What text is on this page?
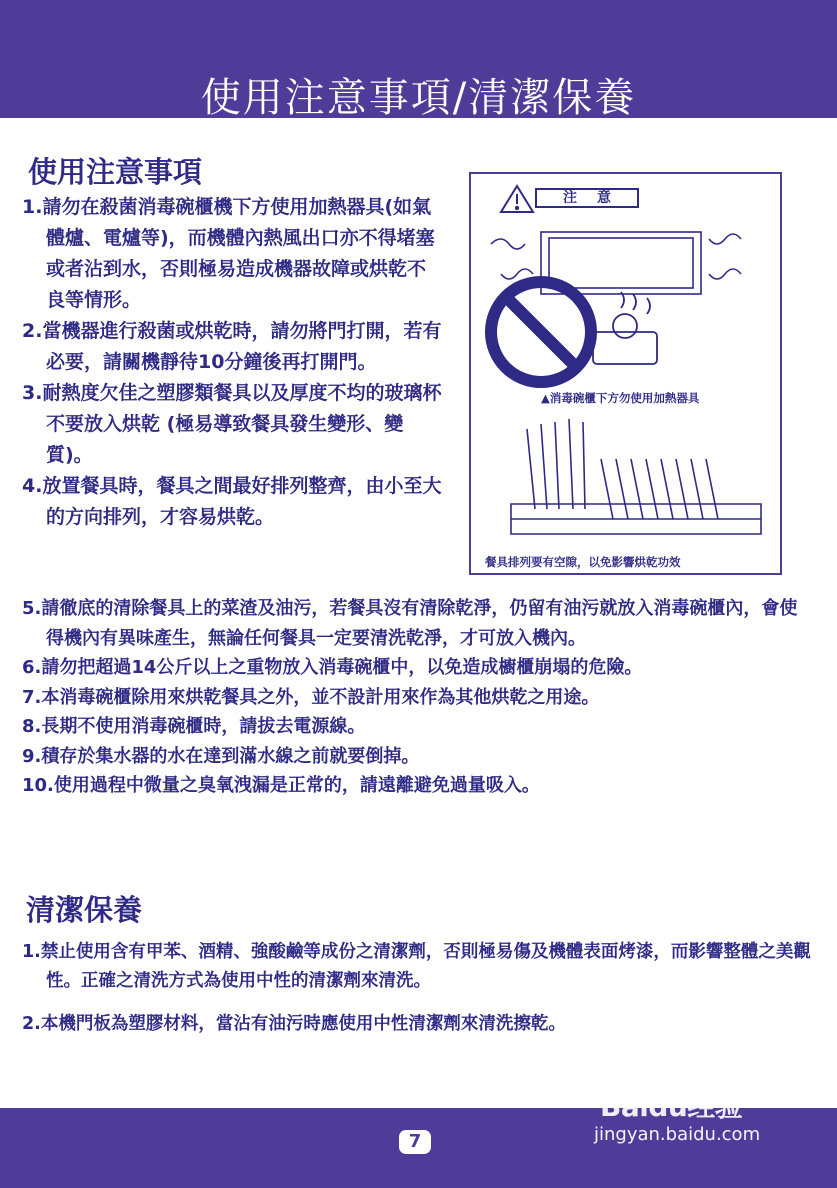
使用注意事項/清潔保養
使用注意事項

1.請勿在殺菌消毒碗櫃機下方使用加熱器具(如氣體爐、電爐等)，而機體內熱風出口亦不得堵塞或者沾到水，否則極易造成機器故障或烘乾不良等情形。

2.當機器進行殺菌或烘乾時，請勿將門打開，若有必要，請關機靜待10分鐘後再打開門。

3.耐熱度欠佳之塑膠類餐具以及厚度不均的玻璃杯不要放入烘乾 (極易導致餐具發生變形、變質)。

4.放置餐具時，餐具之間最好排列整齊，由小至大的方向排列，才容易烘乾。

注意
▲消毒碗櫃下方勿使用加熱器具
餐具排列要有空隙，以免影響烘乾功效

5.請徹底的清除餐具上的菜渣及油污，若餐具沒有清除乾淨，仍留有油污就放入消毒碗櫃內，會使得機內有異味產生，無論任何餐具一定要清洗乾淨，才可放入機內。

6.請勿把超過14公斤以上之重物放入消毒碗櫃中，以免造成櫥櫃崩塌的危險。

7.本消毒碗櫃除用來烘乾餐具之外，並不設計用來作為其他烘乾之用途。

8.長期不使用消毒碗櫃時，請拔去電源線。

9.積存於集水器的水在達到滿水線之前就要倒掉。

10.使用過程中微量之臭氧洩漏是正常的，請遠離避免過量吸入。

清潔保養

1.禁止使用含有甲苯、酒精、強酸鹼等成份之清潔劑，否則極易傷及機體表面烤漆，而影響整體之美觀性。正確之清洗方式為使用中性的清潔劑來清洗。

2.本機門板為塑膠材料，當沾有油污時應使用中性清潔劑來清洗擦乾。

7
Baidu经验
jingyan.baidu.com
